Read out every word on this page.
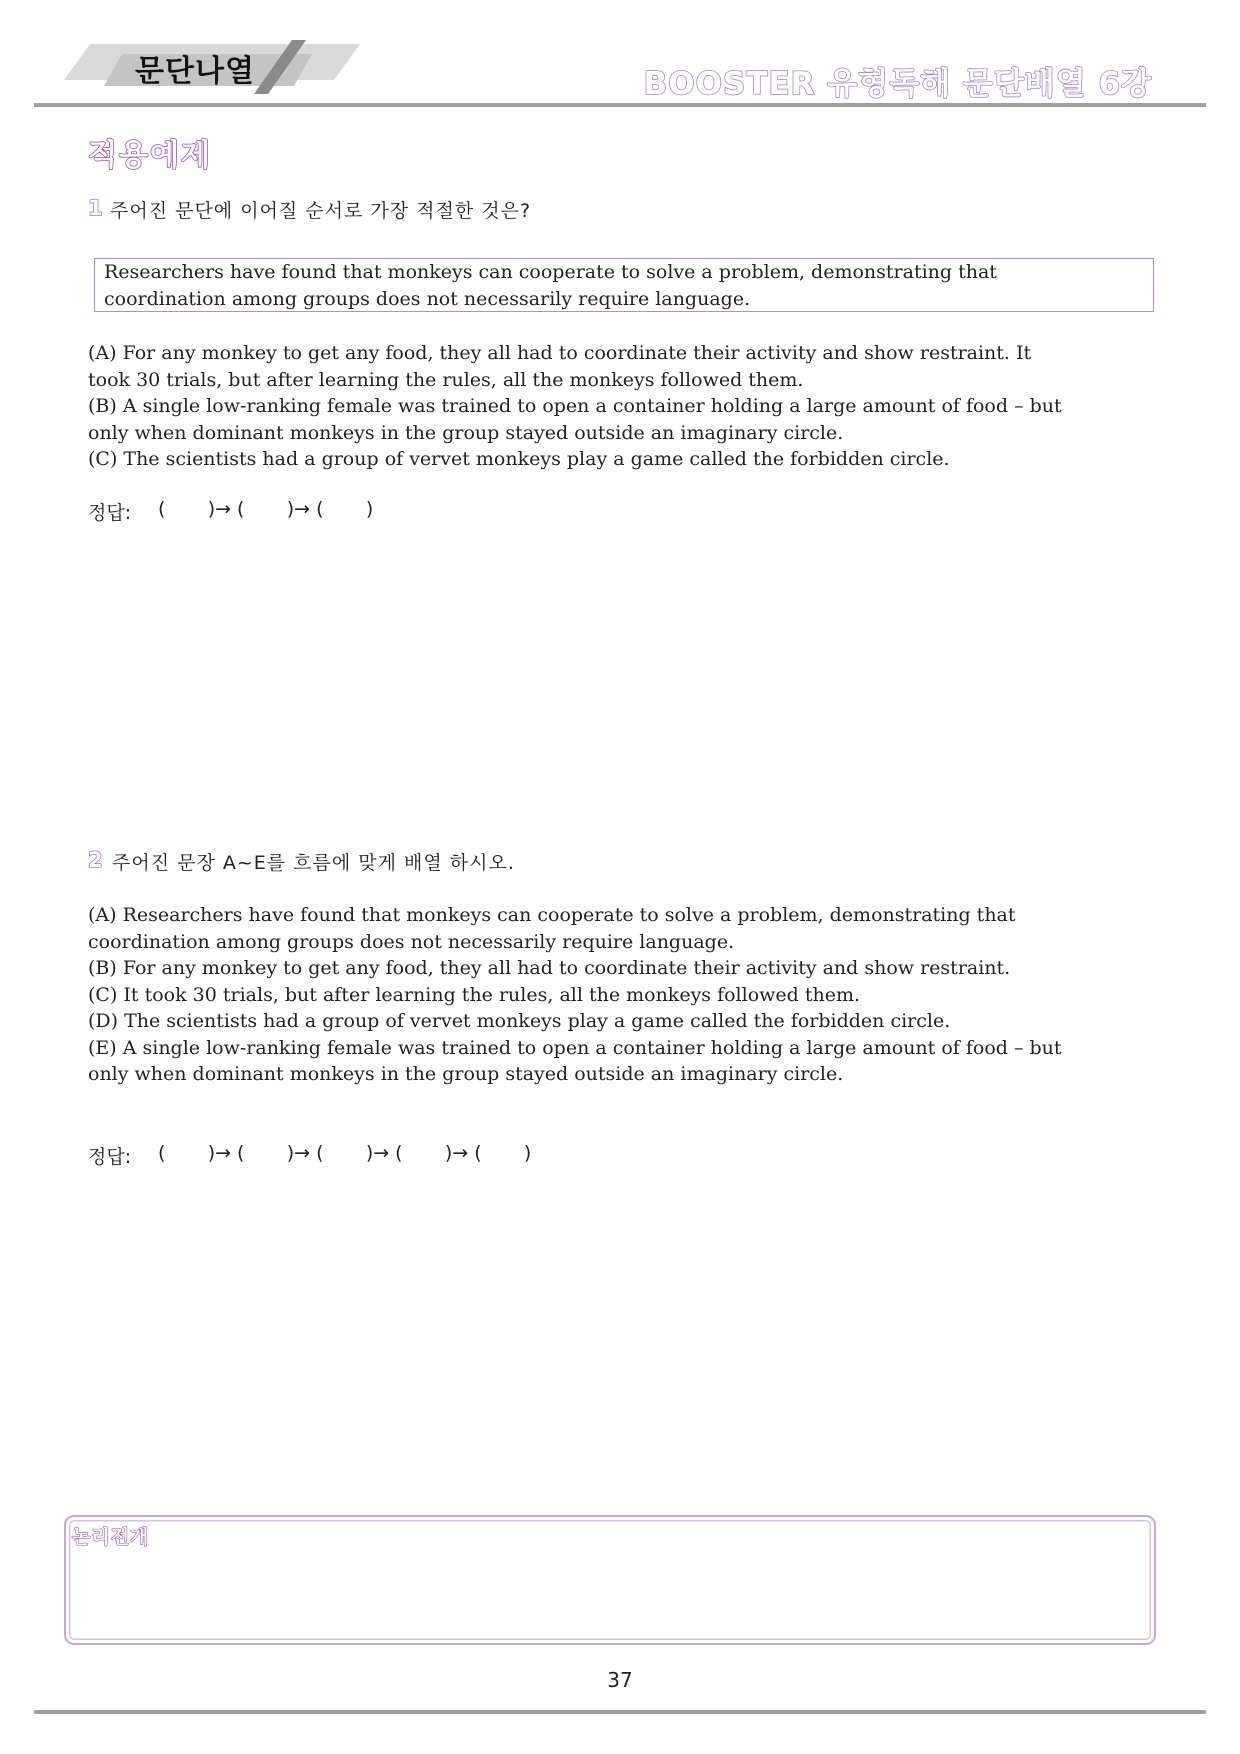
문단나열	BOOSTER 유형독해 문단배열 6강
적용예제
1 주어진 문단에 이어질 순서로 가장 적절한 것은?
Researchers have found that monkeys can cooperate to solve a problem, demonstrating that
coordination among groups does not necessarily require language.
(A) For any monkey to get any food, they all had to coordinate their activity and show restraint. It
took 30 trials, but after learning the rules, all the monkeys followed them.
(B) A single low-ranking female was trained to open a container holding a large amount of food – but
only when dominant monkeys in the group stayed outside an imaginary circle.
(C) The scientists had a group of vervet monkeys play a game called the forbidden circle.
정답: (       )→ (       )→ (       )
2 주어진 문장 A~E를 흐름에 맞게 배열 하시오.
(A) Researchers have found that monkeys can cooperate to solve a problem, demonstrating that
coordination among groups does not necessarily require language.
(B) For any monkey to get any food, they all had to coordinate their activity and show restraint.
(C) It took 30 trials, but after learning the rules, all the monkeys followed them.
(D) The scientists had a group of vervet monkeys play a game called the forbidden circle.
(E) A single low-ranking female was trained to open a container holding a large amount of food – but
only when dominant monkeys in the group stayed outside an imaginary circle.
정답: (       )→ (       )→ (       )→ (       )→ (       )
논리전개
37
